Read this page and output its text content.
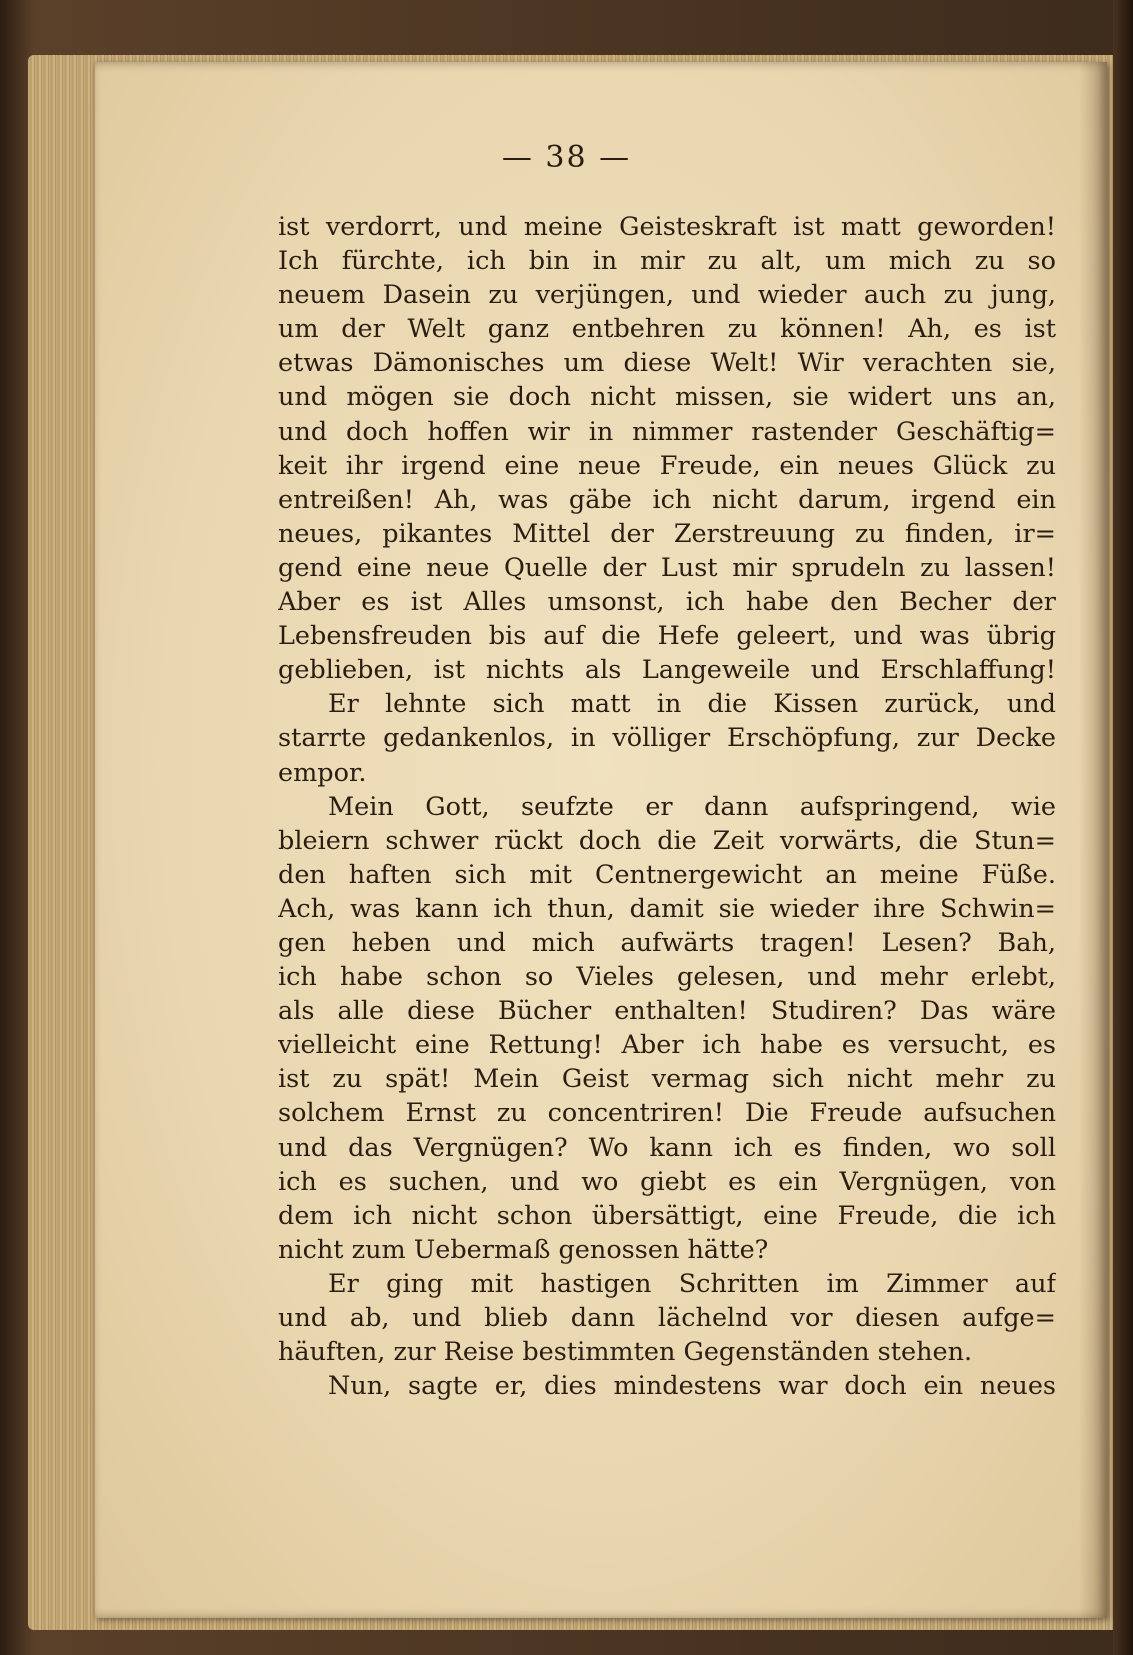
— 38 —
ist verdorrt, und meine Geisteskraft ist matt geworden!
Ich fürchte, ich bin in mir zu alt, um mich zu so
neuem Dasein zu verjüngen, und wieder auch zu jung,
um der Welt ganz entbehren zu können! Ah, es ist
etwas Dämonisches um diese Welt! Wir verachten sie,
und mögen sie doch nicht missen, sie widert uns an,
und doch hoffen wir in nimmer rastender Geschäftig=
keit ihr irgend eine neue Freude, ein neues Glück zu
entreißen! Ah, was gäbe ich nicht darum, irgend ein
neues, pikantes Mittel der Zerstreuung zu finden, ir=
gend eine neue Quelle der Lust mir sprudeln zu lassen!
Aber es ist Alles umsonst, ich habe den Becher der
Lebensfreuden bis auf die Hefe geleert, und was übrig
geblieben, ist nichts als Langeweile und Erschlaffung!
Er lehnte sich matt in die Kissen zurück, und
starrte gedankenlos, in völliger Erschöpfung, zur Decke
empor.
Mein Gott, seufzte er dann aufspringend, wie
bleiern schwer rückt doch die Zeit vorwärts, die Stun=
den haften sich mit Centnergewicht an meine Füße.
Ach, was kann ich thun, damit sie wieder ihre Schwin=
gen heben und mich aufwärts tragen! Lesen? Bah,
ich habe schon so Vieles gelesen, und mehr erlebt,
als alle diese Bücher enthalten! Studiren? Das wäre
vielleicht eine Rettung! Aber ich habe es versucht, es
ist zu spät! Mein Geist vermag sich nicht mehr zu
solchem Ernst zu concentriren! Die Freude aufsuchen
und das Vergnügen? Wo kann ich es finden, wo soll
ich es suchen, und wo giebt es ein Vergnügen, von
dem ich nicht schon übersättigt, eine Freude, die ich
nicht zum Uebermaß genossen hätte?
Er ging mit hastigen Schritten im Zimmer auf
und ab, und blieb dann lächelnd vor diesen aufge=
häuften, zur Reise bestimmten Gegenständen stehen.
Nun, sagte er, dies mindestens war doch ein neues
